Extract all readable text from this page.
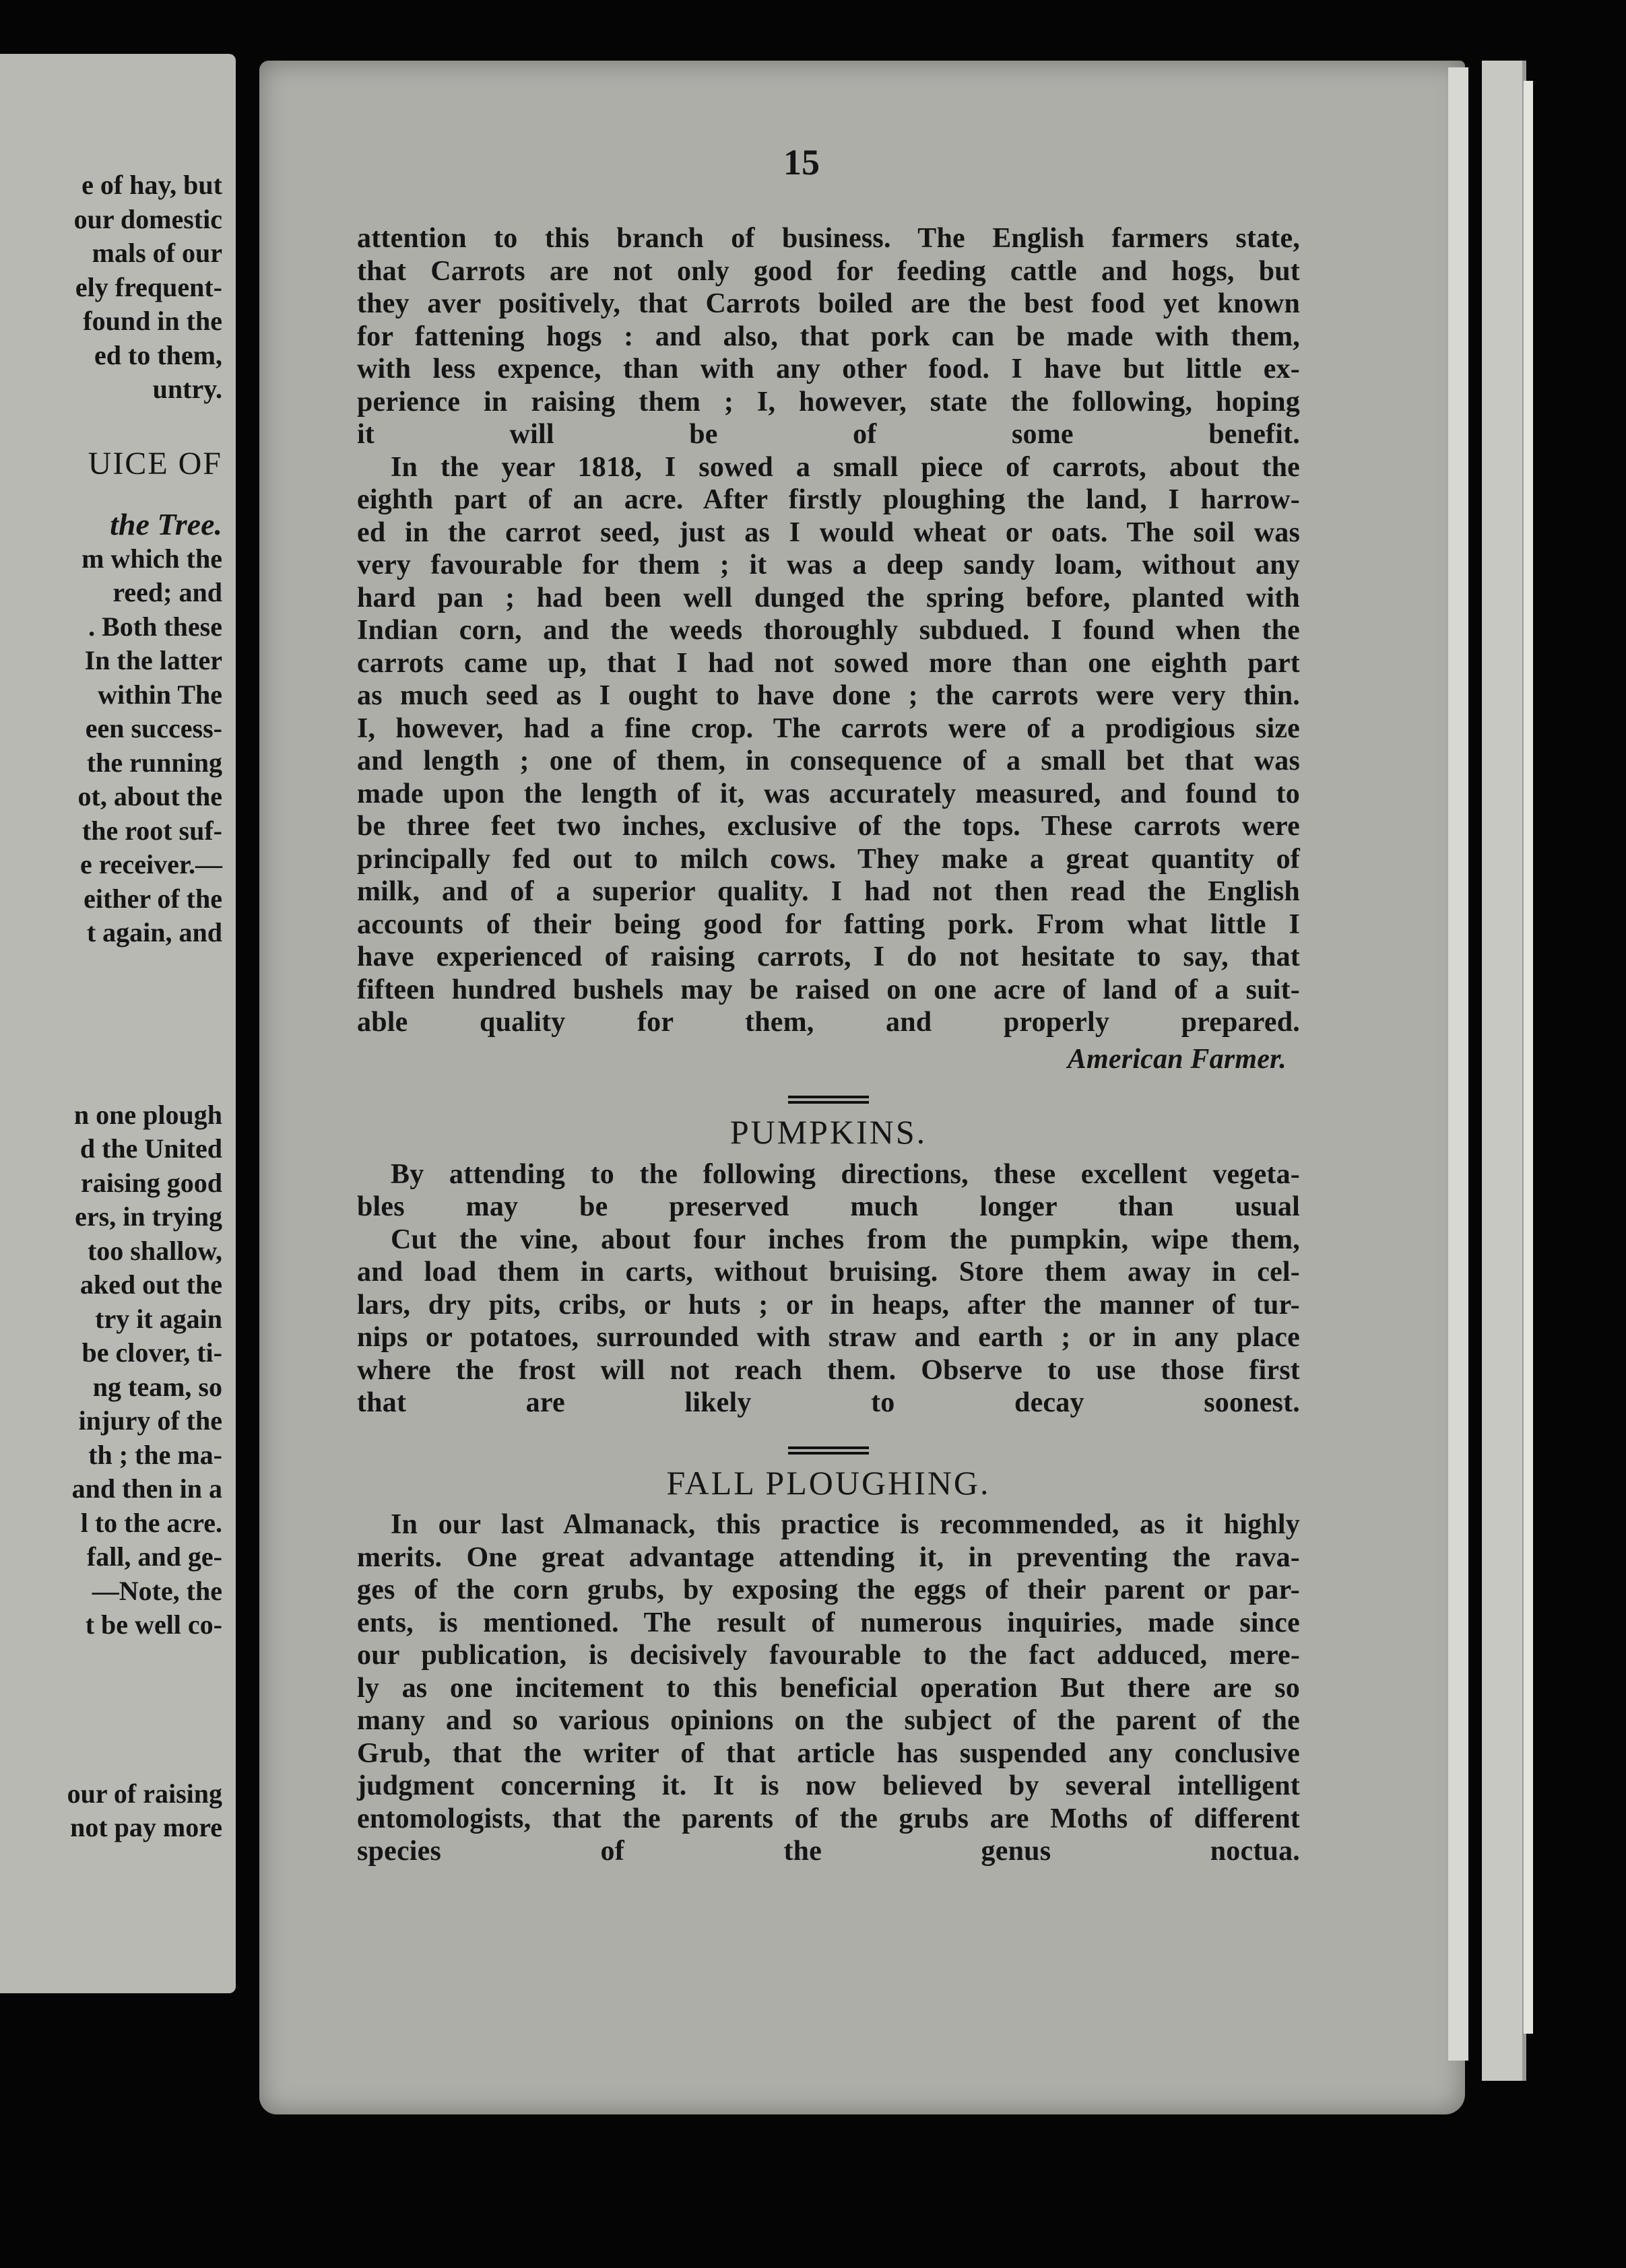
e of hay, but
our domestic
mals of our
ely frequent-
found in the
ed to them,
untry.
UICE OF
the Tree.
m which the
reed; and
. Both these
In the latter
within The
een success-
the running
ot, about the
the root suf-
e receiver.—
either of the
t again, and
n one plough
d the United
raising good
ers, in trying
too shallow,
aked out the
try it again
be clover, ti-
ng team, so
injury of the
th ; the ma-
and then in a
l to the acre.
fall, and ge-
—Note, the
t be well co-
our of raising
not pay more
15
attention to this branch of business. The English farmers state,
that Carrots are not only good for feeding cattle and hogs, but
they aver positively, that Carrots boiled are the best food yet known
for fattening hogs : and also, that pork can be made with them,
with less expence, than with any other food. I have but little ex-
perience in raising them ; I, however, state the following, hoping
it will be of some benefit.
In the year 1818, I sowed a small piece of carrots, about the
eighth part of an acre. After firstly ploughing the land, I harrow-
ed in the carrot seed, just as I would wheat or oats. The soil was
very favourable for them ; it was a deep sandy loam, without any
hard pan ; had been well dunged the spring before, planted with
Indian corn, and the weeds thoroughly subdued. I found when the
carrots came up, that I had not sowed more than one eighth part
as much seed as I ought to have done ; the carrots were very thin.
I, however, had a fine crop. The carrots were of a prodigious size
and length ; one of them, in consequence of a small bet that was
made upon the length of it, was accurately measured, and found to
be three feet two inches, exclusive of the tops. These carrots were
principally fed out to milch cows. They make a great quantity of
milk, and of a superior quality. I had not then read the English
accounts of their being good for fatting pork. From what little I
have experienced of raising carrots, I do not hesitate to say, that
fifteen hundred bushels may be raised on one acre of land of a suit-
able quality for them, and properly prepared.
American Farmer.
PUMPKINS.
By attending to the following directions, these excellent vegeta-
bles may be preserved much longer than usual
Cut the vine, about four inches from the pumpkin, wipe them,
and load them in carts, without bruising. Store them away in cel-
lars, dry pits, cribs, or huts ; or in heaps, after the manner of tur-
nips or potatoes, surrounded with straw and earth ; or in any place
where the frost will not reach them. Observe to use those first
that are likely to decay soonest.
FALL PLOUGHING.
In our last Almanack, this practice is recommended, as it highly
merits. One great advantage attending it, in preventing the rava-
ges of the corn grubs, by exposing the eggs of their parent or par-
ents, is mentioned. The result of numerous inquiries, made since
our publication, is decisively favourable to the fact adduced, mere-
ly as one incitement to this beneficial operation But there are so
many and so various opinions on the subject of the parent of the
Grub, that the writer of that article has suspended any conclusive
judgment concerning it. It is now believed by several intelligent
entomologists, that the parents of the grubs are Moths of different
species of the genus noctua.
